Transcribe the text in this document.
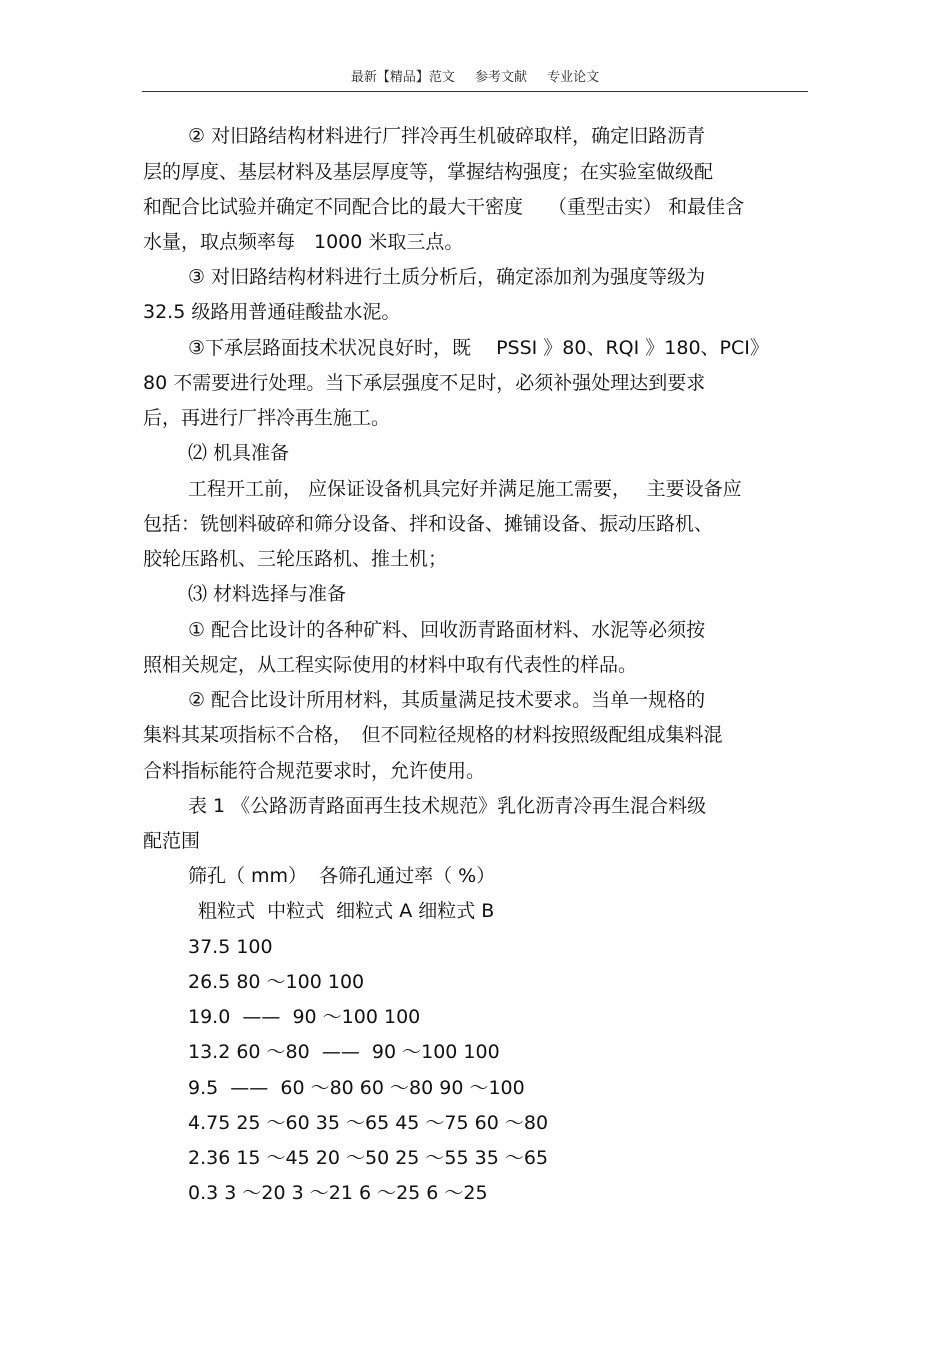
最新【精品】范文 参考文献 专业论文
② 对旧路结构材料进行厂拌冷再生机破碎取样，确定旧路沥青
层的厚度、基层材料及基层厚度等，掌握结构强度；在实验室做级配
和配合比试验并确定不同配合比的最大干密度　 （重型击实） 和最佳含
水量，取点频率每　1000 米取三点。
③ 对旧路结构材料进行土质分析后，确定添加剂为强度等级为
32.5 级路用普通硅酸盐水泥。
③下承层路面技术状况良好时，既　 PSSI 》80、RQI 》180、PCI》
80 不需要进行处理。当下承层强度不足时，必须补强处理达到要求
后，再进行厂拌冷再生施工。
⑵ 机具准备
工程开工前， 应保证设备机具完好并满足施工需要，　 主要设备应
包括：铣刨料破碎和筛分设备、拌和设备、摊铺设备、振动压路机、
胶轮压路机、三轮压路机、推土机；
⑶ 材料选择与准备
① 配合比设计的各种矿料、回收沥青路面材料、水泥等必须按
照相关规定，从工程实际使用的材料中取有代表性的样品。
② 配合比设计所用材料，其质量满足技术要求。当单一规格的
集料其某项指标不合格，　但不同粒径规格的材料按照级配组成集料混
合料指标能符合规范要求时，允许使用。
表 1 《公路沥青路面再生技术规范》乳化沥青冷再生混合料级
配范围
筛孔（ mm）  各筛孔通过率（ %）
粗粒式  中粒式  细粒式 A 细粒式 B
37.5 100
26.5 80 ～100 100
19.0  ——  90 ～100 100
13.2 60 ～80  ——  90 ～100 100
9.5  ——  60 ～80 60 ～80 90 ～100
4.75 25 ～60 35 ～65 45 ～75 60 ～80
2.36 15 ～45 20 ～50 25 ～55 35 ～65
0.3 3 ～20 3 ～21 6 ～25 6 ～25
